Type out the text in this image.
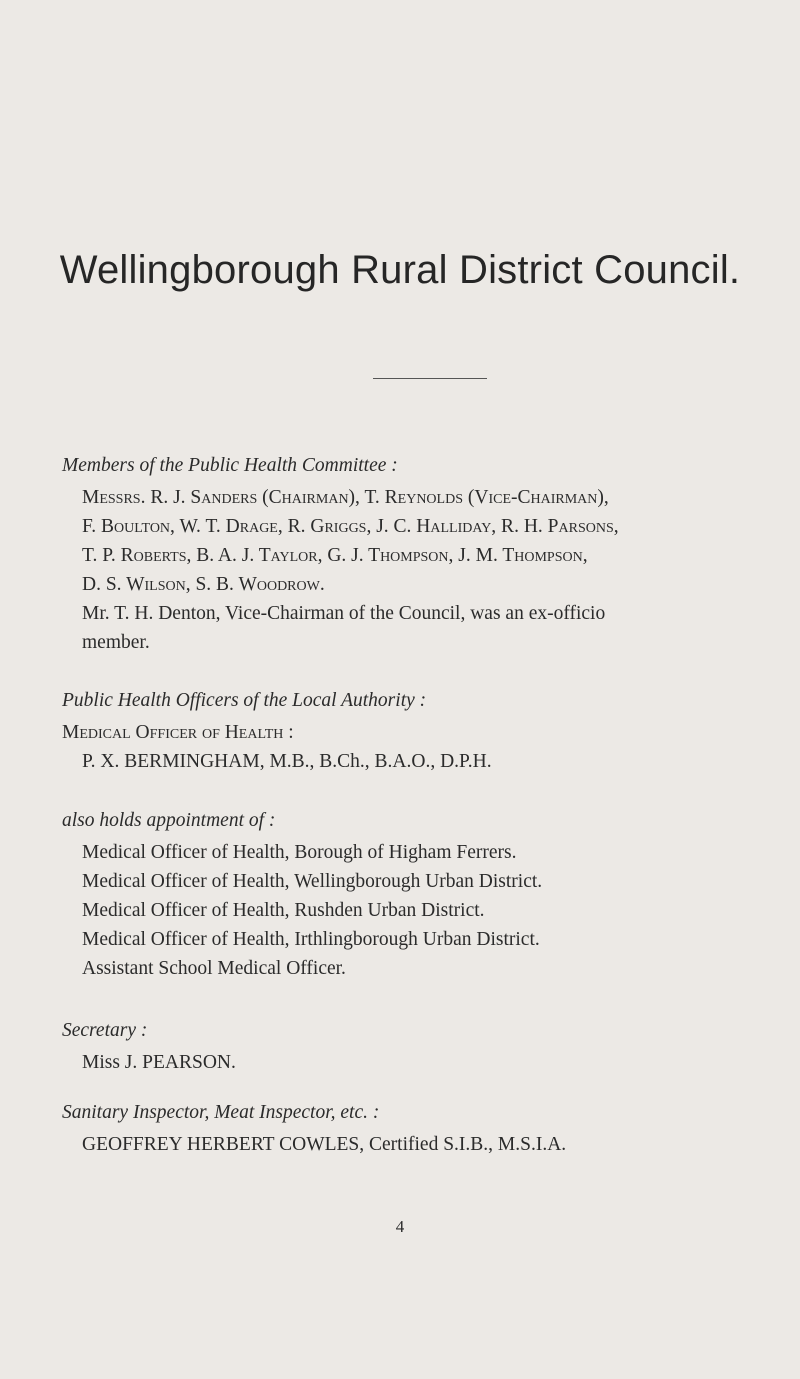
Wellingborough Rural District Council.

Members of the Public Health Committee :

Messrs. R. J. Sanders (Chairman), T. Reynolds (Vice-Chairman),
F. Boulton, W. T. Drage, R. Griggs, J. C. Halliday, R. H. Parsons,
T. P. Roberts, B. A. J. Taylor, G. J. Thompson, J. M. Thompson,
D. S. Wilson, S. B. Woodrow.

Mr. T. H. Denton, Vice-Chairman of the Council, was an ex-officio
member.

Public Health Officers of the Local Authority :

Medical Officer of Health :

P. X. BERMINGHAM, M.B., B.Ch., B.A.O., D.P.H.

also holds appointment of :

Medical Officer of Health, Borough of Higham Ferrers.
Medical Officer of Health, Wellingborough Urban District.
Medical Officer of Health, Rushden Urban District.
Medical Officer of Health, Irthlingborough Urban District.
Assistant School Medical Officer.

Secretary :

Miss J. PEARSON.

Sanitary Inspector, Meat Inspector, etc. :

GEOFFREY HERBERT COWLES, Certified S.I.B., M.S.I.A.

4
